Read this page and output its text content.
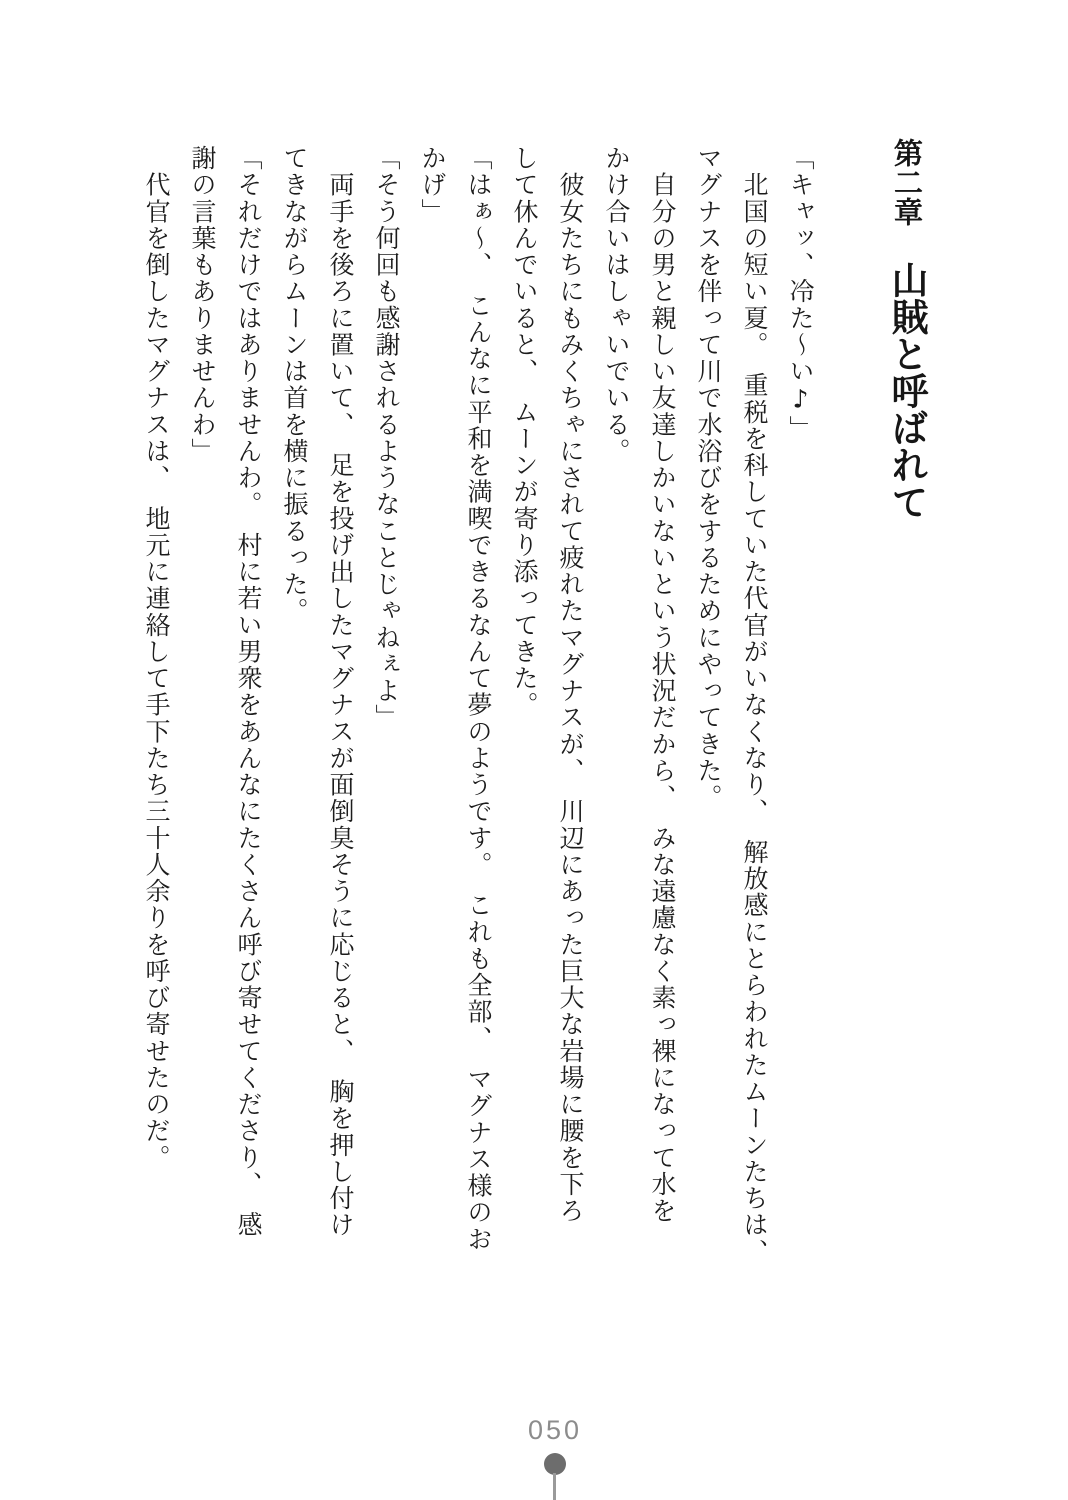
第二章山賊と呼ばれて

「キャッ、冷た〜い♪」

　北国の短い夏。　重税を科していた代官がいなくなり、　解放感にとらわれたムーンたちは、

マグナスを伴って川で水浴びをするためにやってきた。

　自分の男と親しい友達しかいないという状況だから、　みな遠慮なく素っ裸になって水を

かけ合いはしゃいでいる。

　彼女たちにもみくちゃにされて疲れたマグナスが、　川辺にあった巨大な岩場に腰を下ろ

して休んでいると、　ムーンが寄り添ってきた。

「はぁ〜、　こんなに平和を満喫できるなんて夢のようです。　これも全部、　マグナス様のお

かげ」

「そう何回も感謝されるようなことじゃねぇよ」

　両手を後ろに置いて、　足を投げ出したマグナスが面倒臭そうに応じると、　胸を押し付け

てきながらムーンは首を横に振るった。

「それだけではありませんわ。　村に若い男衆をあんなにたくさん呼び寄せてくださり、　感

謝の言葉もありませんわ」

　代官を倒したマグナスは、　地元に連絡して手下たち三十人余りを呼び寄せたのだ。

050
